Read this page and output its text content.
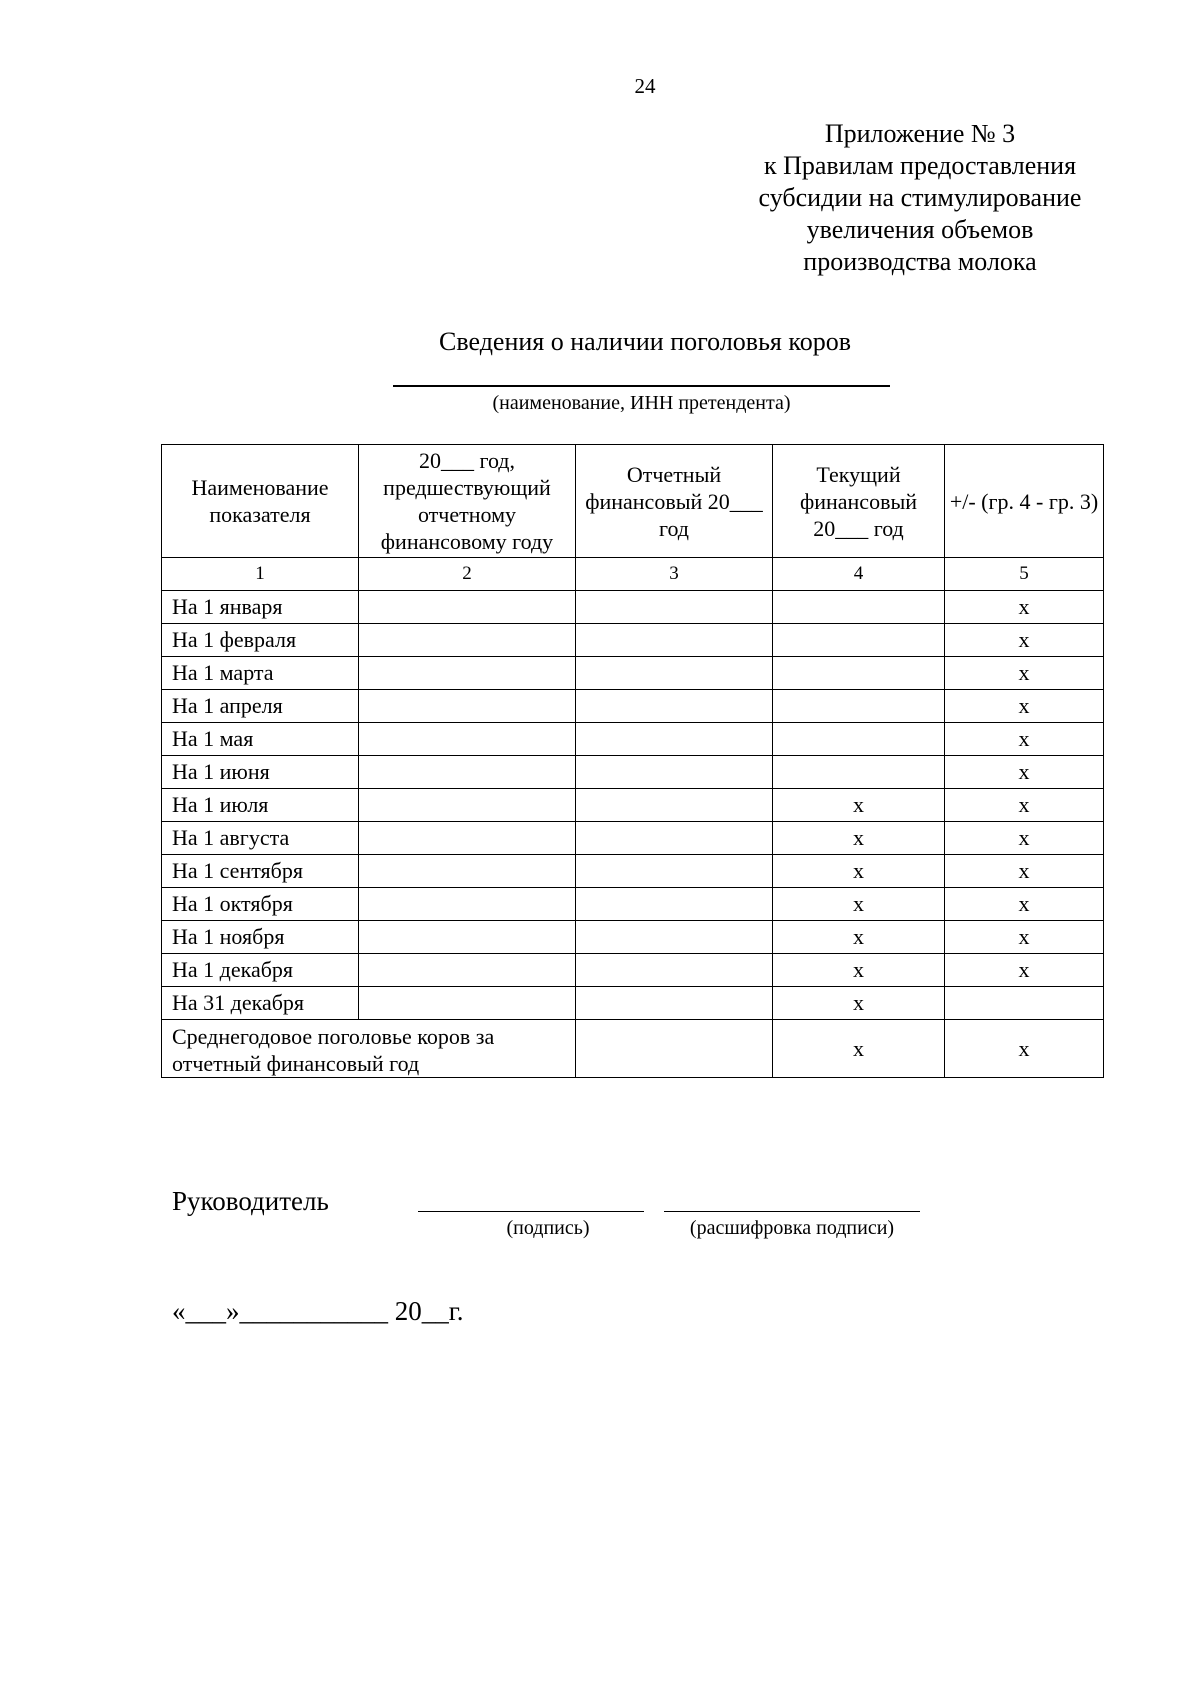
24
Приложение № 3
к Правилам предоставления
субсидии на стимулирование
увеличения объемов
производства молока
Сведения о наличии поголовья коров
(наименование, ИНН претендента)
Наименование показателя	20___ год, предшествующий отчетному финансовому году	Отчетный финансовый 20___ год	Текущий финансовый 20___ год	+/- (гр. 4 - гр. 3)
1	2	3	4	5
На 1 января				х
На 1 февраля				х
На 1 марта				х
На 1 апреля				х
На 1 мая				х
На 1 июня				х
На 1 июля			х	х
На 1 августа			х	х
На 1 сентября			х	х
На 1 октября			х	х
На 1 ноября			х	х
На 1 декабря			х	х
На 31 декабря			х	
Среднегодовое поголовье коров за отчетный финансовый год			х	х
Руководитель
(подпись)	(расшифровка подписи)
«___»___________ 20__г.
